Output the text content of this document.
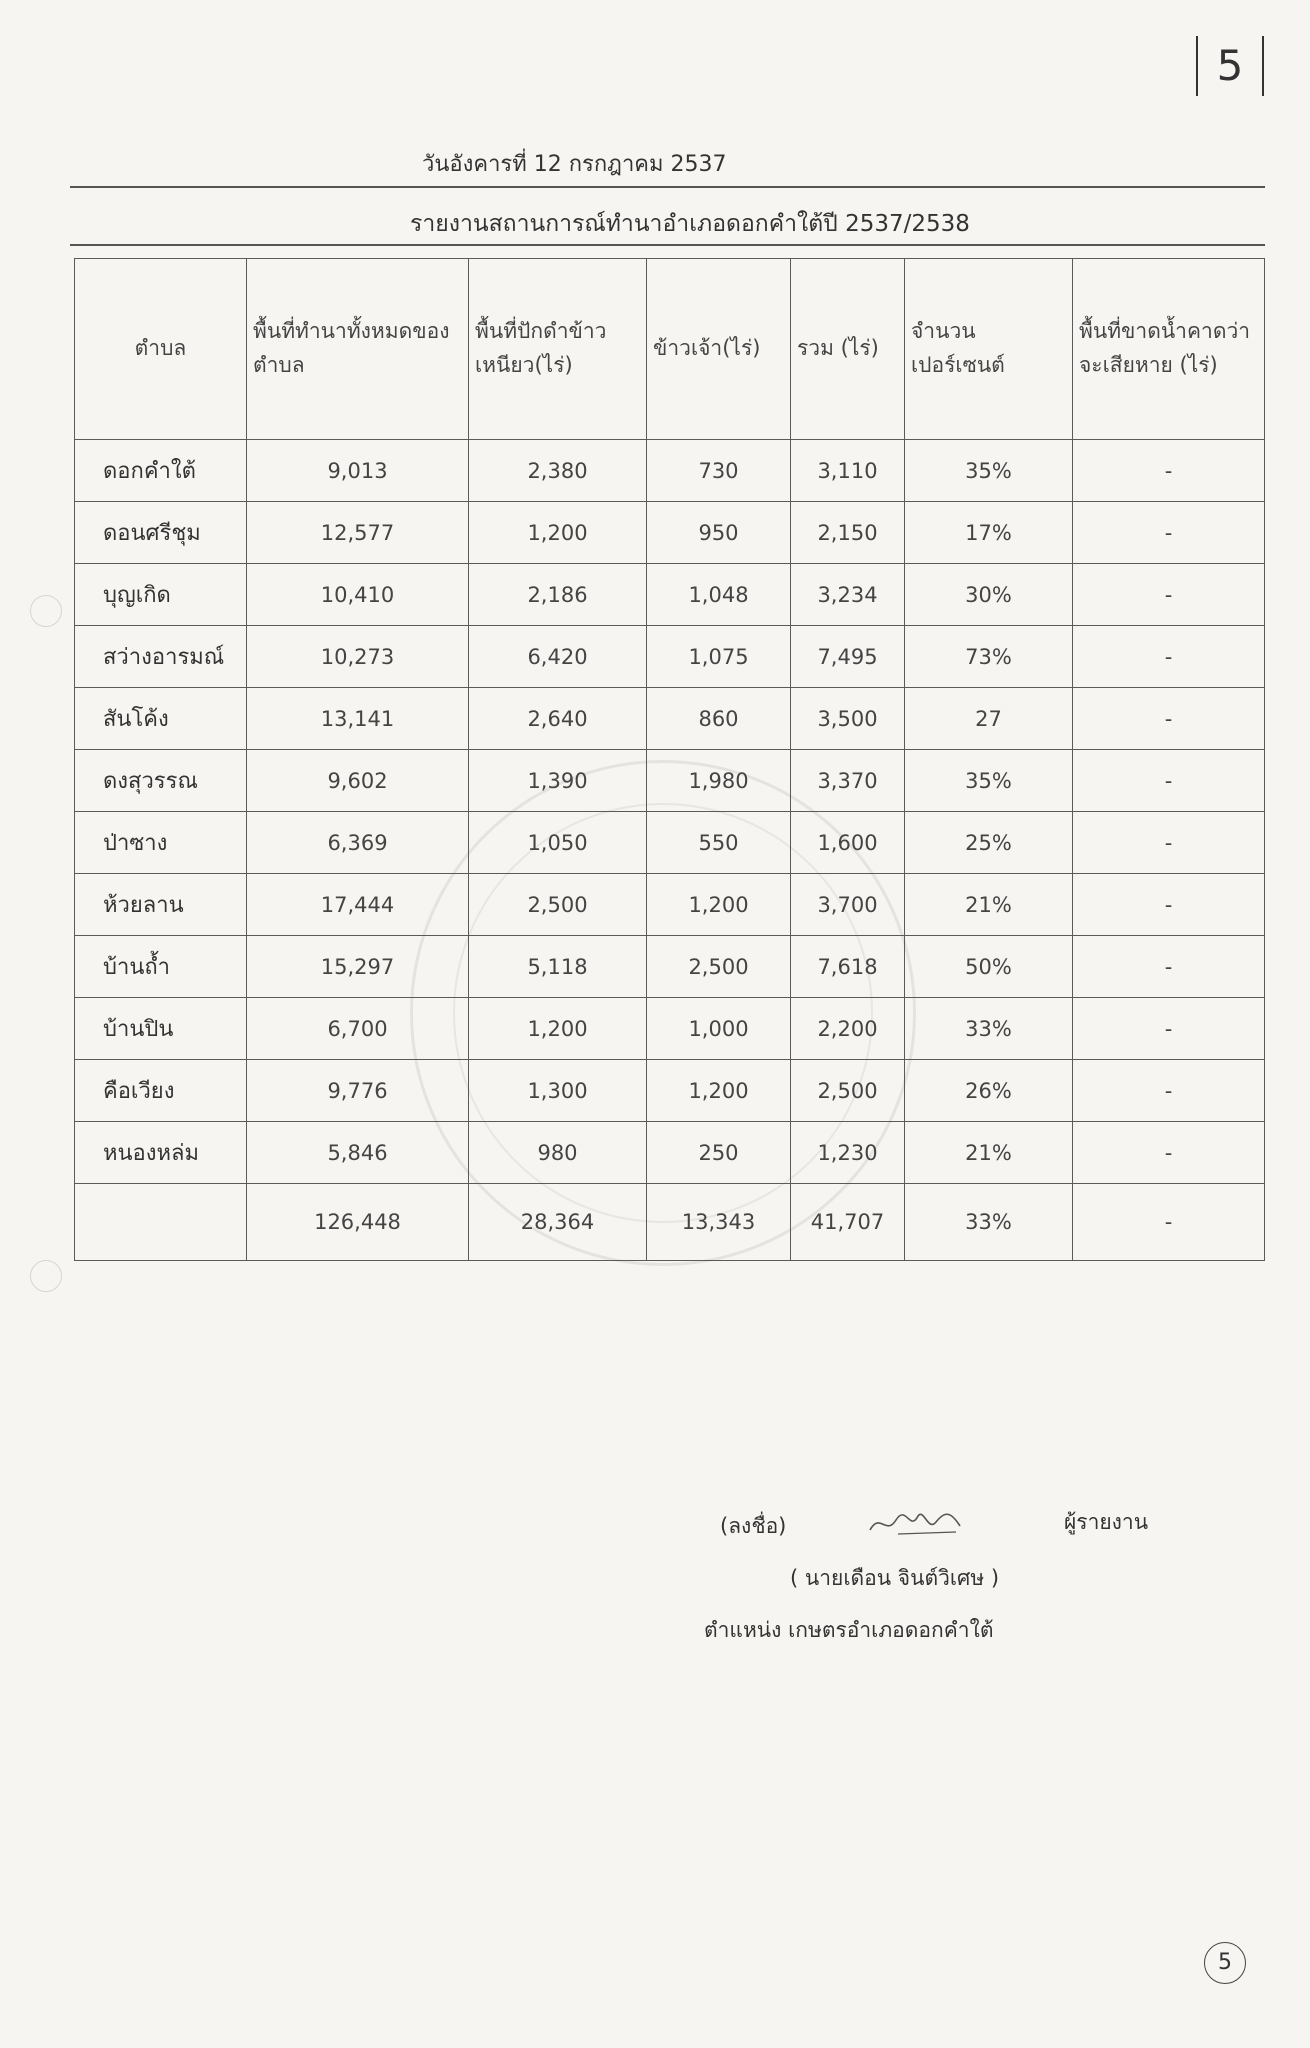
5
วันอังคารที่ 12 กรกฎาคม 2537
รายงานสถานการณ์ทำนาอำเภอดอกคำใต้ปี 2537/2538
ตำบล	พื้นที่ทำนาทั้งหมดของตำบล	พื้นที่ปักดำข้าวเหนียว(ไร่)	ข้าวเจ้า(ไร่)	รวม (ไร่)	จำนวนเปอร์เซนต์	พื้นที่ขาดน้ำคาดว่าจะเสียหาย (ไร่)
ดอกคำใต้	9,013	2,380	730	3,110	35%	-
ดอนศรีชุม	12,577	1,200	950	2,150	17%	-
บุญเกิด	10,410	2,186	1,048	3,234	30%	-
สว่างอารมณ์	10,273	6,420	1,075	7,495	73%	-
สันโค้ง	13,141	2,640	860	3,500	27	-
ดงสุวรรณ	9,602	1,390	1,980	3,370	35%	-
ป่าซาง	6,369	1,050	550	1,600	25%	-
ห้วยลาน	17,444	2,500	1,200	3,700	21%	-
บ้านถ้ำ	15,297	5,118	2,500	7,618	50%	-
บ้านปิน	6,700	1,200	1,000	2,200	33%	-
คือเวียง	9,776	1,300	1,200	2,500	26%	-
หนองหล่ม	5,846	980	250	1,230	21%	-
	126,448	28,364	13,343	41,707	33%	-
(ลงชื่อ)	ผู้รายงาน
( นายเดือน จินต์วิเศษ )
ตำแหน่ง เกษตรอำเภอดอกคำใต้
5
